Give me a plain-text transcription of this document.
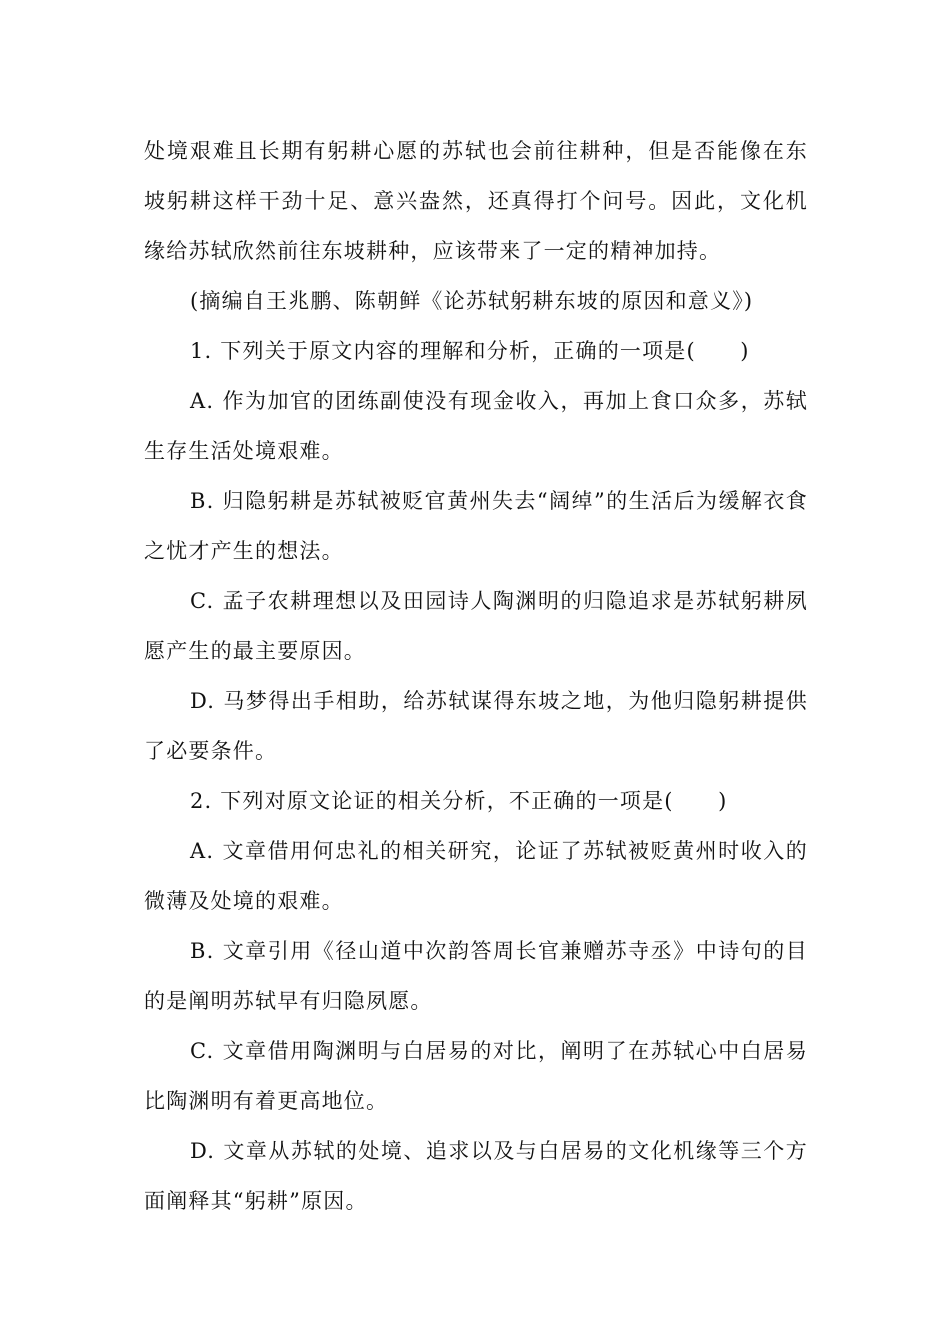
处境艰难且长期有躬耕心愿的苏轼也会前往耕种，但是否能像在东坡躬耕这样干劲十足、意兴盎然，还真得打个问号。因此，文化机缘给苏轼欣然前往东坡耕种，应该带来了一定的精神加持。

(摘编自王兆鹏、陈朝鲜《论苏轼躬耕东坡的原因和意义》)

1. 下列关于原文内容的理解和分析，正确的一项是(　　)

A. 作为加官的团练副使没有现金收入，再加上食口众多，苏轼生存生活处境艰难。

B. 归隐躬耕是苏轼被贬官黄州失去“阔绰”的生活后为缓解衣食之忧才产生的想法。

C. 孟子农耕理想以及田园诗人陶渊明的归隐追求是苏轼躬耕夙愿产生的最主要原因。

D. 马梦得出手相助，给苏轼谋得东坡之地，为他归隐躬耕提供了必要条件。

2. 下列对原文论证的相关分析，不正确的一项是(　　)

A. 文章借用何忠礼的相关研究，论证了苏轼被贬黄州时收入的微薄及处境的艰难。

B. 文章引用《径山道中次韵答周长官兼赠苏寺丞》中诗句的目的是阐明苏轼早有归隐夙愿。

C. 文章借用陶渊明与白居易的对比，阐明了在苏轼心中白居易比陶渊明有着更高地位。

D. 文章从苏轼的处境、追求以及与白居易的文化机缘等三个方面阐释其“躬耕”原因。
